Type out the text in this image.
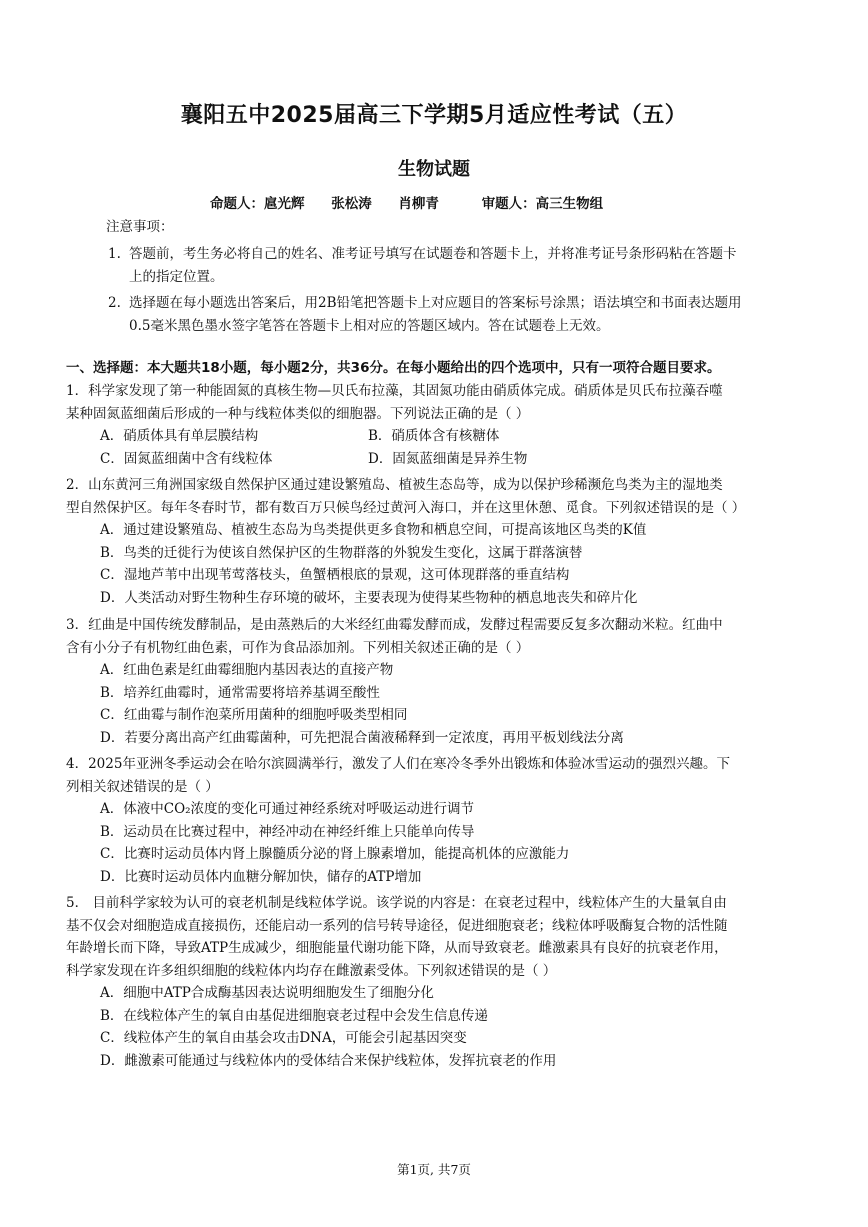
襄阳五中2025届高三下学期5月适应性考试（五）
生物试题
命题人：扈光辉 张松涛 肖柳青	审题人：高三生物组
注意事项：
1. 答题前，考生务必将自己的姓名、准考证号填写在试题卷和答题卡上，并将准考证号条形码粘在答题卡
上的指定位置。
2. 选择题在每小题选出答案后，用2B铅笔把答题卡上对应题目的答案标号涂黑；语法填空和书面表达题用
0.5毫米黑色墨水签字笔答在答题卡上相对应的答题区域内。答在试题卷上无效。
一、选择题：本大题共18小题，每小题2分，共36分。在每小题给出的四个选项中，只有一项符合题目要求。
1．科学家发现了第一种能固氮的真核生物—贝氏布拉藻，其固氮功能由硝质体完成。硝质体是贝氏布拉藻吞噬
某种固氮蓝细菌后形成的一种与线粒体类似的细胞器。下列说法正确的是（ ）
A．硝质体具有单层膜结构	B．硝质体含有核糖体
C．固氮蓝细菌中含有线粒体	D．固氮蓝细菌是异养生物
2．山东黄河三角洲国家级自然保护区通过建设繁殖岛、植被生态岛等，成为以保护珍稀濒危鸟类为主的湿地类
型自然保护区。每年冬春时节，都有数百万只候鸟经过黄河入海口，并在这里休憩、觅食。下列叙述错误的是（ ）
A．通过建设繁殖岛、植被生态岛为鸟类提供更多食物和栖息空间，可提高该地区鸟类的K值
B．鸟类的迁徙行为使该自然保护区的生物群落的外貌发生变化，这属于群落演替
C．湿地芦苇中出现苇莺落枝头，鱼蟹栖根底的景观，这可体现群落的垂直结构
D．人类活动对野生物种生存环境的破坏，主要表现为使得某些物种的栖息地丧失和碎片化
3．红曲是中国传统发酵制品，是由蒸熟后的大米经红曲霉发酵而成，发酵过程需要反复多次翻动米粒。红曲中
含有小分子有机物红曲色素，可作为食品添加剂。下列相关叙述正确的是（ ）
A．红曲色素是红曲霉细胞内基因表达的直接产物
B．培养红曲霉时，通常需要将培养基调至酸性
C．红曲霉与制作泡菜所用菌种的细胞呼吸类型相同
D．若要分离出高产红曲霉菌种，可先把混合菌液稀释到一定浓度，再用平板划线法分离
4．2025年亚洲冬季运动会在哈尔滨圆满举行，激发了人们在寒冷冬季外出锻炼和体验冰雪运动的强烈兴趣。下
列相关叙述错误的是（ ）
A．体液中CO₂浓度的变化可通过神经系统对呼吸运动进行调节
B．运动员在比赛过程中，神经冲动在神经纤维上只能单向传导
C．比赛时运动员体内肾上腺髓质分泌的肾上腺素增加，能提高机体的应激能力
D．比赛时运动员体内血糖分解加快，储存的ATP增加
5． 目前科学家较为认可的衰老机制是线粒体学说。该学说的内容是：在衰老过程中，线粒体产生的大量氧自由
基不仅会对细胞造成直接损伤，还能启动一系列的信号转导途径，促进细胞衰老；线粒体呼吸酶复合物的活性随
年龄增长而下降，导致ATP生成减少，细胞能量代谢功能下降，从而导致衰老。雌激素具有良好的抗衰老作用，
科学家发现在许多组织细胞的线粒体内均存在雌激素受体。下列叙述错误的是（ ）
A．细胞中ATP合成酶基因表达说明细胞发生了细胞分化
B．在线粒体产生的氧自由基促进细胞衰老过程中会发生信息传递
C．线粒体产生的氧自由基会攻击DNA，可能会引起基因突变
D．雌激素可能通过与线粒体内的受体结合来保护线粒体，发挥抗衰老的作用
第1页, 共7页
